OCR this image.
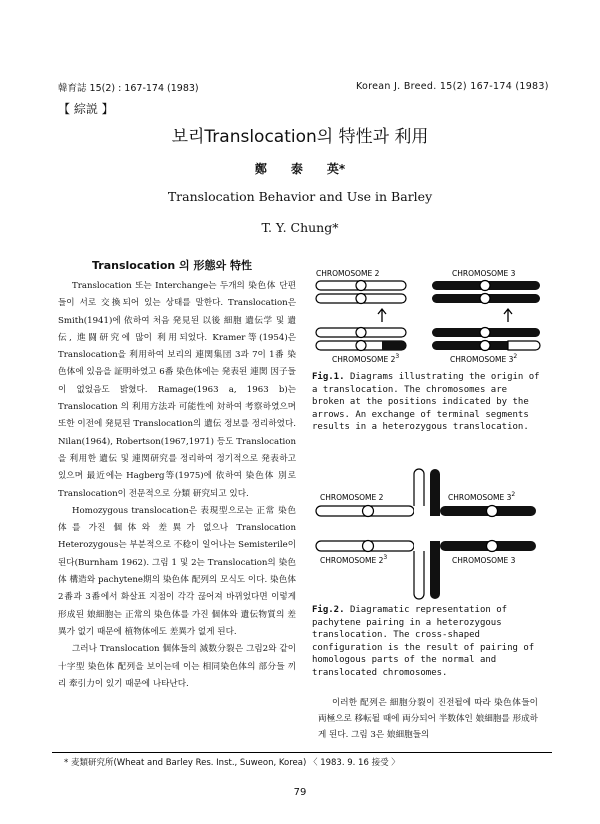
韓育誌 15(2) : 167-174 (1983)	Korean J. Breed. 15(2) 167-174 (1983)
【 綜説 】
보리Translocation의 特性과 利用
鄭　　泰　　英*
Translocation Behavior and Use in Barley
T. Y. Chung*
Translocation 의 形態와 特性

Translocation 또는 Interchange는 두개의 染色体 단편들이 서로 交換되어 있는 상태를 말한다. Translocation은 Smith(1941)에 依하여 처음 発見된 以後 細胞 遺伝学 및 遺伝, 進闘研究에 많이 利用되었다. Kramer等(1954)은 Translocation을 利用하여 보리의 連関集団 3과 7이 1番 染色体에 있음을 証明하였고 6番 染色体에는 発表된 連関 因子들이 없었음도 밝혔다. Ramage(1963 a, 1963 b)는 Translocation 의 利用方法과 可能性에 対하여 考察하였으며 또한 이전에 発見된 Translocation의 遺伝 정보를 정리하였다. Nilan(1964), Robertson(1967,1971) 등도 Translocation을 利用한 遺伝 및 連関研究를 정리하여 정기적으로 発表하고 있으며 最近에는 Hagberg等(1975)에 依하여 染色体 別로 Translocation이 전문적으로 分類 研究되고 있다.

Homozygous translocation은 表現型으로는 正常 染色体를 가진 個体와 差異가 없으나 Translocation Heterozygous는 부분적으로 不稔이 일어나는 Semisterile이 된다(Burnham 1962). 그림 1 및 2는 Translocation의 染色体 構造와 pachytene期의 染色体 配列의 모식도 이다. 染色体 2番과 3番에서 화살표 지점이 각각 끊어져 바뀌었다면 이렇게 形成된 娘細胞는 正常의 染色体를 가진 個体와 遺伝物質의 差異가 없기 때문에 植物体에도 差異가 없게 된다.

그러나 Translocation 個体들의 減数分裂은 그림2와 같이 十字型 染色体 配列을 보이는데 이는 相同染色体의 部分들 끼리 牽引力이 있기 때문에 나타난다.

CHROMOSOME 2	CHROMOSOME 3
CHROMOSOME $2^3$	CHROMOSOME $3^2$
Fig.1. Diagrams illustrating the origin of a translocation. The chromosomes are broken at the positions indicated by the arrows. An exchange of terminal segments results in a heterozygous translocation.
CHROMOSOME 2	CHROMOSOME $3^2$
CHROMOSOME $2^3$	CHROMOSOME 3
Fig.2. Diagramatic representation of pachytene pairing in a heterozygous translocation. The cross-shaped configuration is the result of pairing of homologous parts of the normal and translocated chromosomes.

이러한 配列은 細胞分裂이 진전될에 따라 染色体들이 両極으로 移転될 때에 両分되어 半数体인 娘細胞를 形成하게 된다. 그림 3은 娘細胞들의

* 麦類研究所(Wheat and Barley Res. Inst., Suweon, Korea) 〈 1983. 9. 16 接受 〉
79
